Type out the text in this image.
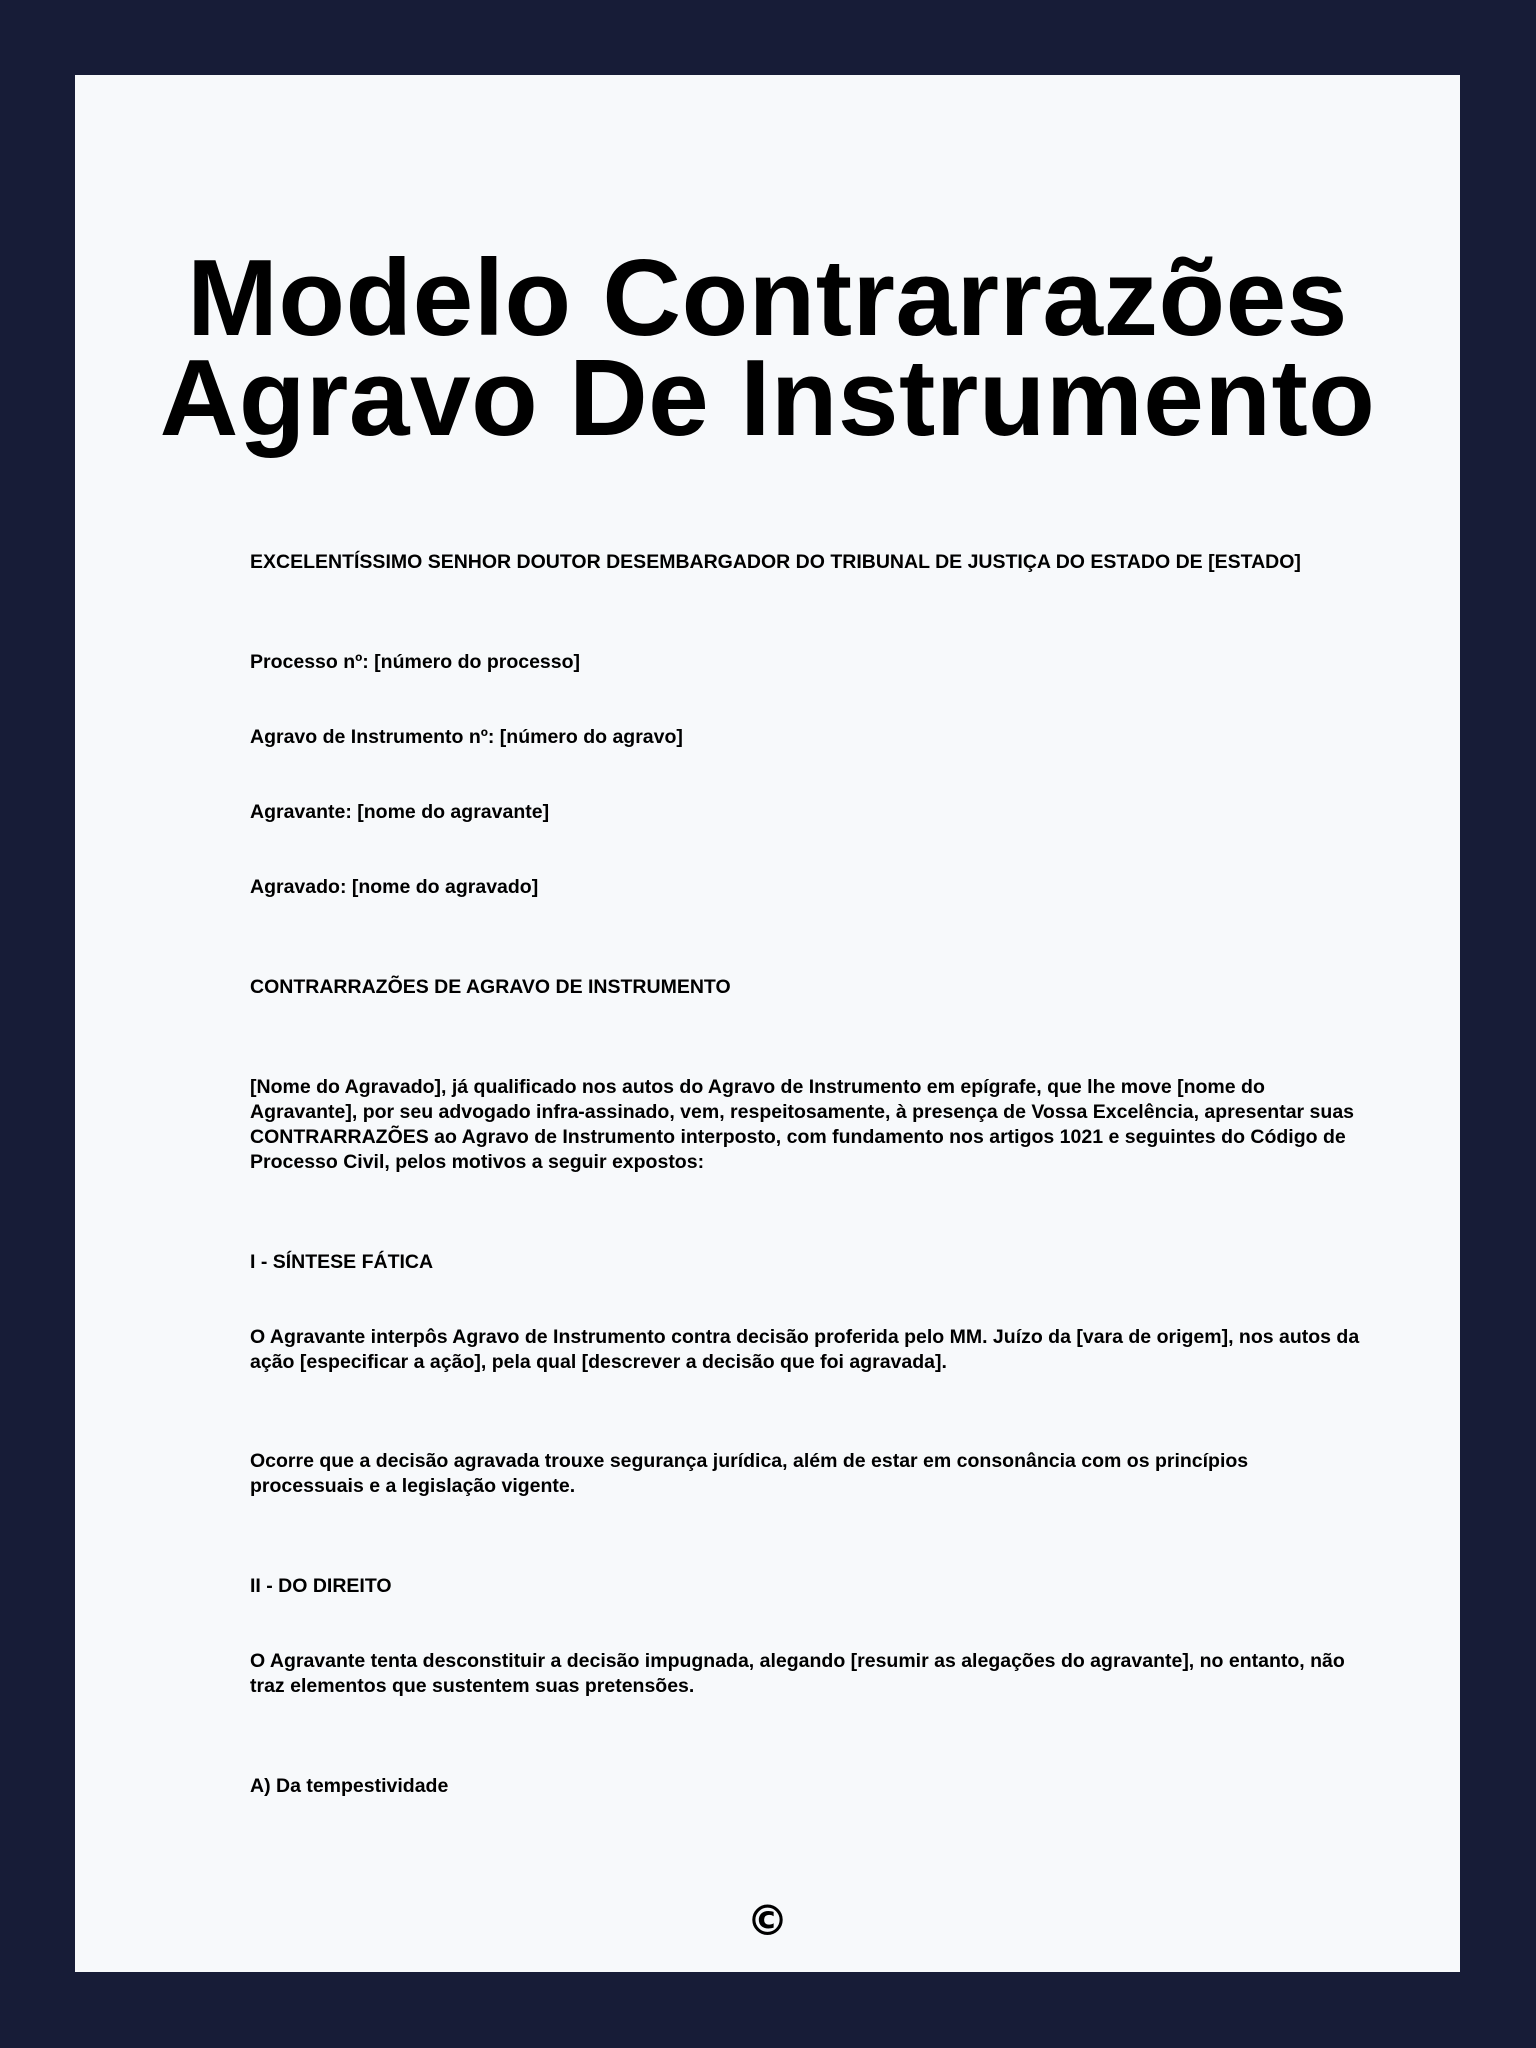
Modelo Contrarrazões
Agravo De Instrumento

EXCELENTÍSSIMO SENHOR DOUTOR DESEMBARGADOR DO TRIBUNAL DE JUSTIÇA DO ESTADO DE [ESTADO]

Processo nº: [número do processo]

Agravo de Instrumento nº: [número do agravo]

Agravante: [nome do agravante]

Agravado: [nome do agravado]

CONTRARRAZÕES DE AGRAVO DE INSTRUMENTO

[Nome do Agravado], já qualificado nos autos do Agravo de Instrumento em epígrafe, que lhe move [nome do Agravante], por seu advogado infra-assinado, vem, respeitosamente, à presença de Vossa Excelência, apresentar suas CONTRARRAZÕES ao Agravo de Instrumento interposto, com fundamento nos artigos 1021 e seguintes do Código de Processo Civil, pelos motivos a seguir expostos:

I - SÍNTESE FÁTICA

O Agravante interpôs Agravo de Instrumento contra decisão proferida pelo MM. Juízo da [vara de origem], nos autos da ação [especificar a ação], pela qual [descrever a decisão que foi agravada].

Ocorre que a decisão agravada trouxe segurança jurídica, além de estar em consonância com os princípios processuais e a legislação vigente.

II - DO DIREITO

O Agravante tenta desconstituir a decisão impugnada, alegando [resumir as alegações do agravante], no entanto, não traz elementos que sustentem suas pretensões.

A) Da tempestividade

©
